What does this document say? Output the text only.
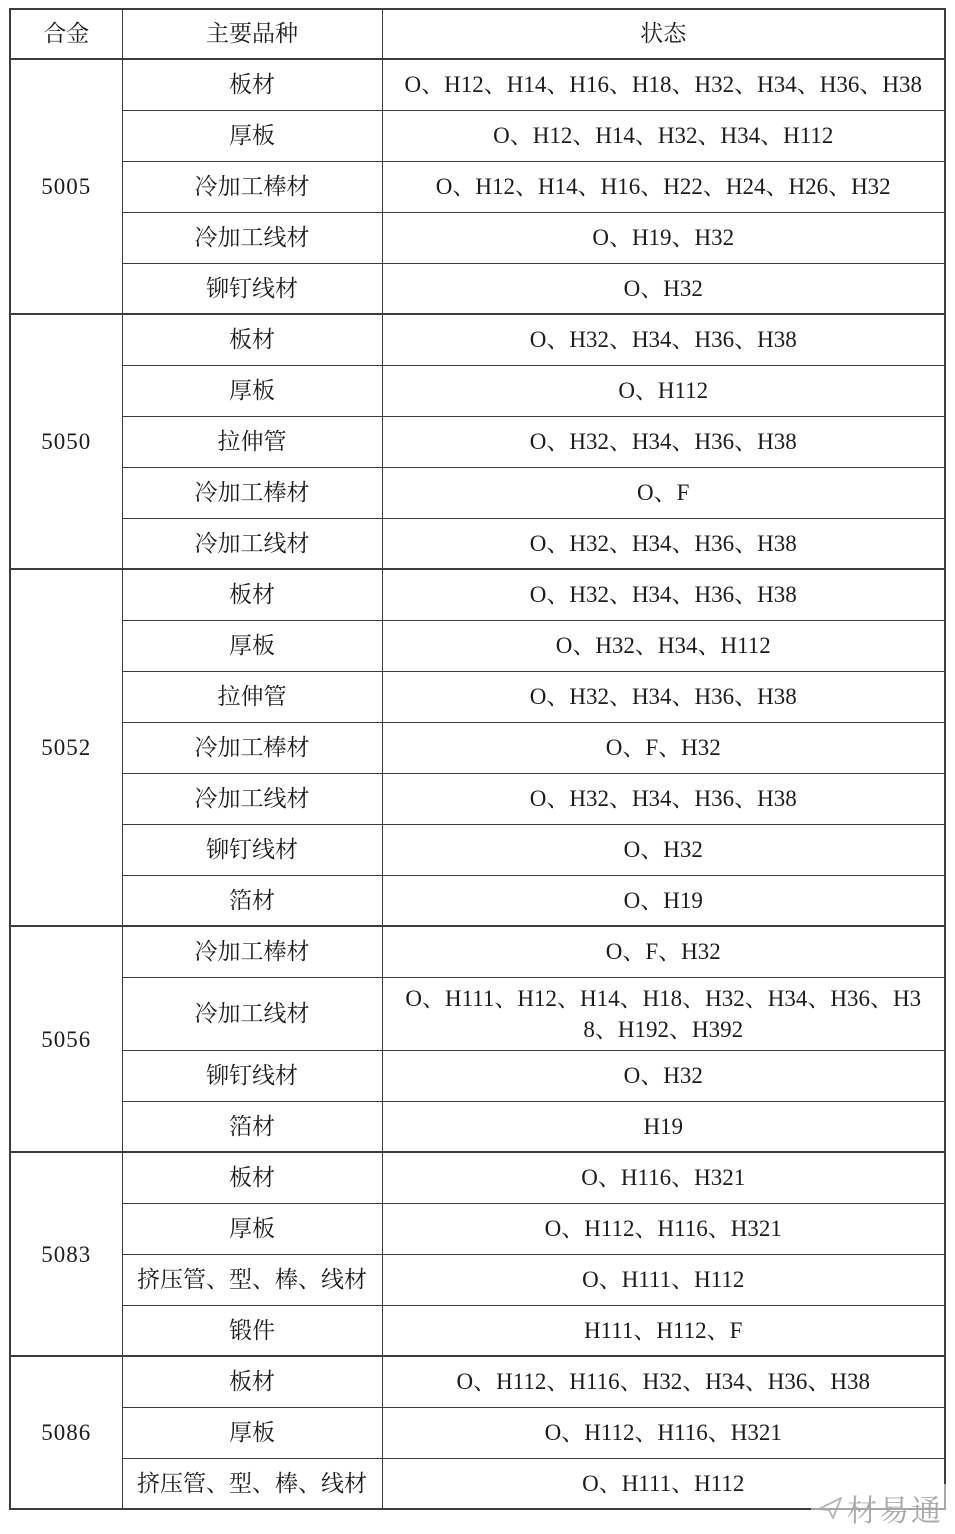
合金	主要品种	状态
5005	板材	O、H12、H14、H16、H18、H32、H34、H36、H38
	厚板	O、H12、H14、H32、H34、H112
	冷加工棒材	O、H12、H14、H16、H22、H24、H26、H32
	冷加工线材	O、H19、H32
	铆钉线材	O、H32
5050	板材	O、H32、H34、H36、H38
	厚板	O、H112
	拉伸管	O、H32、H34、H36、H38
	冷加工棒材	O、F
	冷加工线材	O、H32、H34、H36、H38
5052	板材	O、H32、H34、H36、H38
	厚板	O、H32、H34、H112
	拉伸管	O、H32、H34、H36、H38
	冷加工棒材	O、F、H32
	冷加工线材	O、H32、H34、H36、H38
	铆钉线材	O、H32
	箔材	O、H19
5056	冷加工棒材	O、F、H32
	冷加工线材	O、H111、H12、H14、H18、H32、H34、H36、H38、H192、H392
	铆钉线材	O、H32
	箔材	H19
5083	板材	O、H116、H321
	厚板	O、H112、H116、H321
	挤压管、型、棒、线材	O、H111、H112
	锻件	H111、H112、F
5086	板材	O、H112、H116、H32、H34、H36、H38
	厚板	O、H112、H116、H321
	挤压管、型、棒、线材	O、H111、H112
材易通
